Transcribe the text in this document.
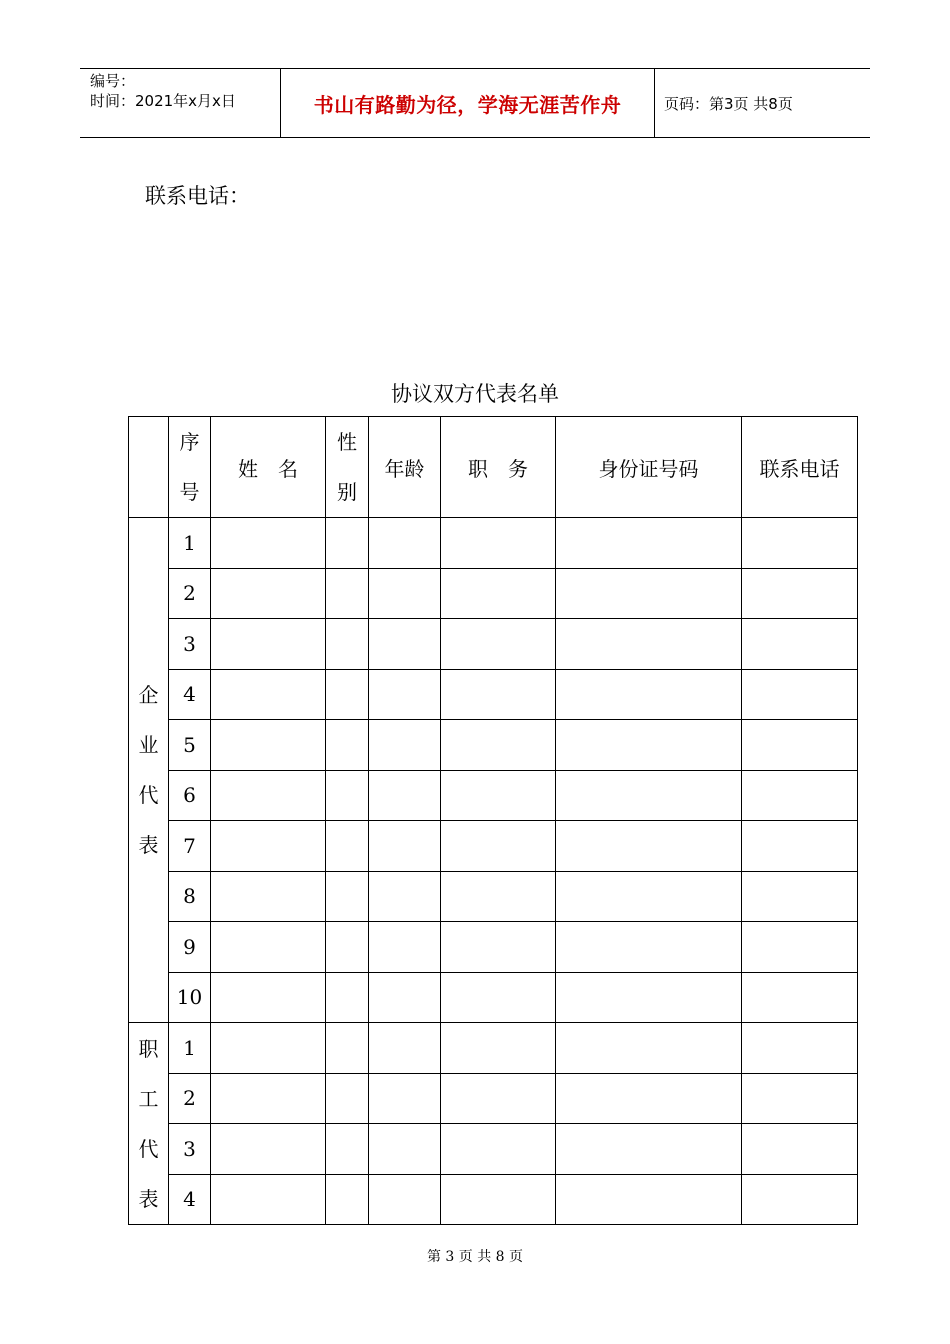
编号：
时间：2021年x月x日	书山有路勤为径，学海无涯苦作舟	页码：第3页 共8页
联系电话：
协议双方代表名单
	序号	姓　名	性别	年龄	职　务	身份证号码	联系电话
企业代表	1						
	2						
	3						
	4						
	5						
	6						
	7						
	8						
	9						
	10						
职工代表	1						
	2						
	3						
	4						
第 3 页 共 8 页
